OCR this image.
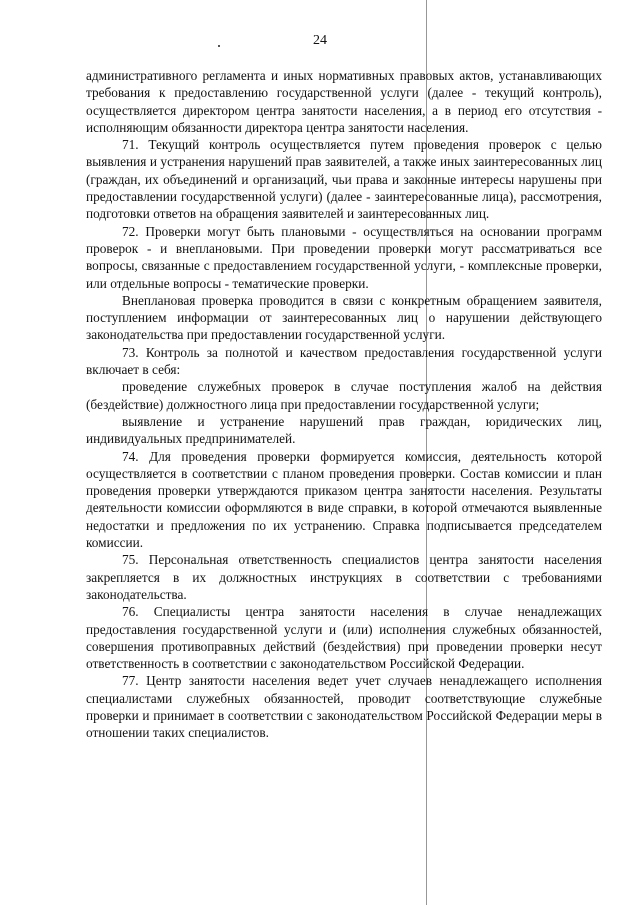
24

административного регламента и иных нормативных правовых актов, устанавливающих требования к предоставлению государственной услуги (далее - текущий контроль), осуществляется директором центра занятости населения, а в период его отсутствия - исполняющим обязанности директора центра занятости населения.

71. Текущий контроль осуществляется путем проведения проверок с целью выявления и устранения нарушений прав заявителей, а также иных заинтересованных лиц (граждан, их объединений и организаций, чьи права и законные интересы нарушены при предоставлении государственной услуги) (далее - заинтересованные лица), рассмотрения, подготовки ответов на обращения заявителей и заинтересованных лиц.

72. Проверки могут быть плановыми - осуществляться на основании программ проверок - и внеплановыми. При проведении проверки могут рассматриваться все вопросы, связанные с предоставлением государственной услуги, - комплексные проверки, или отдельные вопросы - тематические проверки.

Внеплановая проверка проводится в связи с конкретным обращением заявителя, поступлением информации от заинтересованных лиц о нарушении действующего законодательства при предоставлении государственной услуги.

73. Контроль за полнотой и качеством предоставления государственной услуги включает в себя:

проведение служебных проверок в случае поступления жалоб на действия (бездействие) должностного лица при предоставлении государственной услуги;

выявление и устранение нарушений прав граждан, юридических лиц, индивидуальных предпринимателей.

74. Для проведения проверки формируется комиссия, деятельность которой осуществляется в соответствии с планом проведения проверки. Состав комиссии и план проведения проверки утверждаются приказом центра занятости населения. Результаты деятельности комиссии оформляются в виде справки, в которой отмечаются выявленные недостатки и предложения по их устранению. Справка подписывается председателем комиссии.

75. Персональная ответственность специалистов центра занятости населения закрепляется в их должностных инструкциях в соответствии с требованиями законодательства.

76. Специалисты центра занятости населения в случае ненадлежащих предоставления государственной услуги и (или) исполнения служебных обязанностей, совершения противоправных действий (бездействия) при проведении проверки несут ответственность в соответствии с законодательством Российской Федерации.

77. Центр занятости населения ведет учет случаев ненадлежащего исполнения специалистами служебных обязанностей, проводит соответствующие служебные проверки и принимает в соответствии с законодательством Российской Федерации меры в отношении таких специалистов.
